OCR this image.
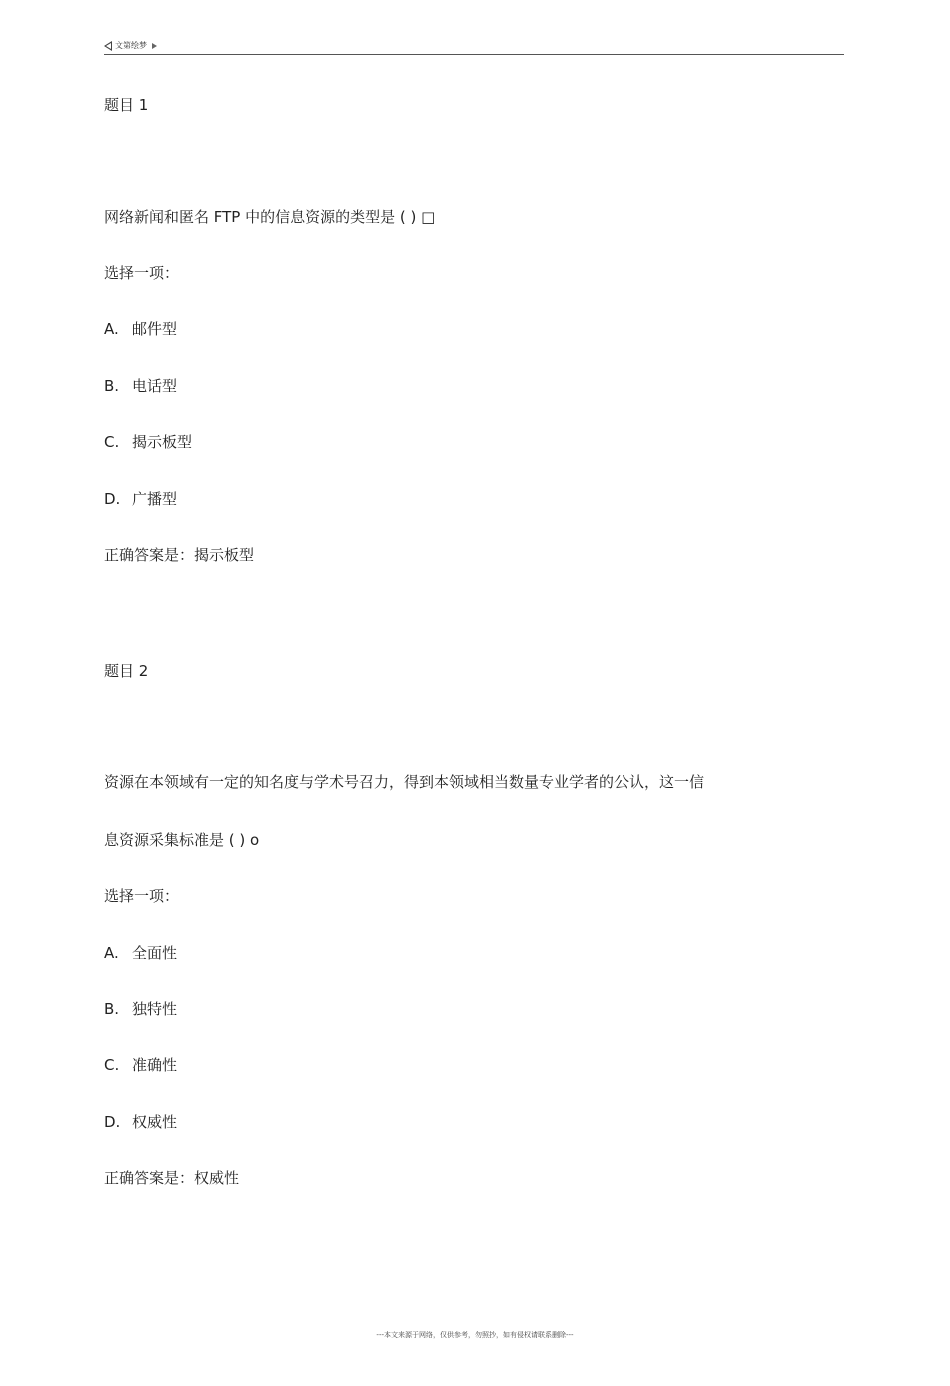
文第绘梦
题目 1
网络新闻和匿名 FTP 中的信息资源的类型是 ( ) □
选择一项：
A. 邮件型
B. 电话型
C. 揭示板型
D. 广播型
正确答案是：揭示板型
题目 2
资源在本领域有一定的知名度与学术号召力，得到本领域相当数量专业学者的公认，这一信
息资源采集标准是 ( ) o
选择一项：
A. 全面性
B. 独特性
C. 准确性
D. 权威性
正确答案是：权威性
---本文来源于网络，仅供参考，勿照抄，如有侵权请联系删除---
